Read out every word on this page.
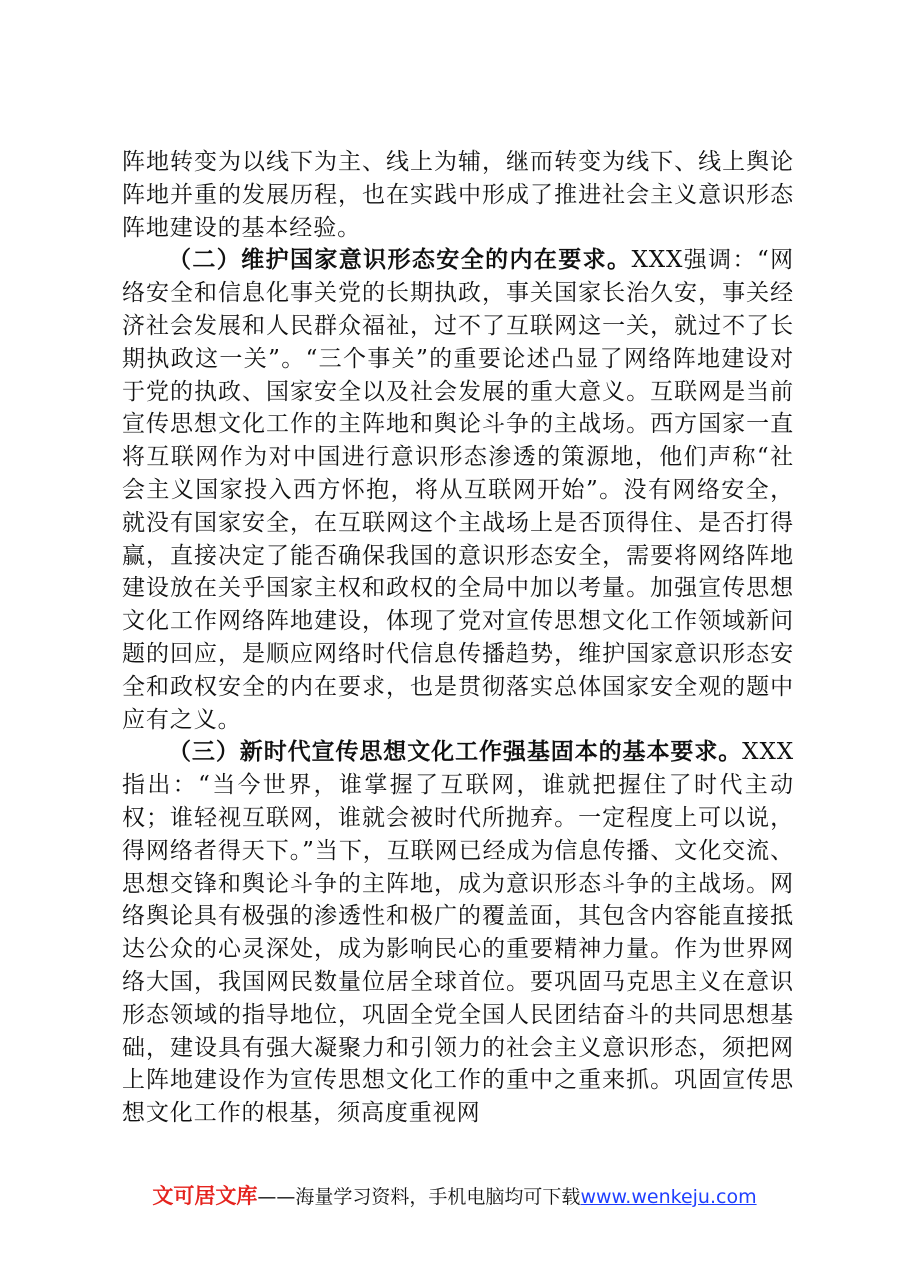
阵地转变为以线下为主、线上为辅，继而转变为线下、线上舆论阵地并重的发展历程，也在实践中形成了推进社会主义意识形态阵地建设的基本经验。

（二）维护国家意识形态安全的内在要求。XXX强调：“网络安全和信息化事关党的长期执政，事关国家长治久安，事关经济社会发展和人民群众福祉，过不了互联网这一关，就过不了长期执政这一关”。“三个事关”的重要论述凸显了网络阵地建设对于党的执政、国家安全以及社会发展的重大意义。互联网是当前宣传思想文化工作的主阵地和舆论斗争的主战场。西方国家一直将互联网作为对中国进行意识形态渗透的策源地，他们声称“社会主义国家投入西方怀抱，将从互联网开始”。没有网络安全，就没有国家安全，在互联网这个主战场上是否顶得住、是否打得赢，直接决定了能否确保我国的意识形态安全，需要将网络阵地建设放在关乎国家主权和政权的全局中加以考量。加强宣传思想文化工作网络阵地建设，体现了党对宣传思想文化工作领域新问题的回应，是顺应网络时代信息传播趋势，维护国家意识形态安全和政权安全的内在要求，也是贯彻落实总体国家安全观的题中应有之义。

（三）新时代宣传思想文化工作强基固本的基本要求。XXX指出：“当今世界，谁掌握了互联网，谁就把握住了时代主动权；谁轻视互联网，谁就会被时代所抛弃。一定程度上可以说，得网络者得天下。”当下，互联网已经成为信息传播、文化交流、思想交锋和舆论斗争的主阵地，成为意识形态斗争的主战场。网络舆论具有极强的渗透性和极广的覆盖面，其包含内容能直接抵达公众的心灵深处，成为影响民心的重要精神力量。作为世界网络大国，我国网民数量位居全球首位。要巩固马克思主义在意识形态领域的指导地位，巩固全党全国人民团结奋斗的共同思想基础，建设具有强大凝聚力和引领力的社会主义意识形态，须把网上阵地建设作为宣传思想文化工作的重中之重来抓。巩固宣传思想文化工作的根基，须高度重视网

文可居文库——海量学习资料，手机电脑均可下载www.wenkeju.com
